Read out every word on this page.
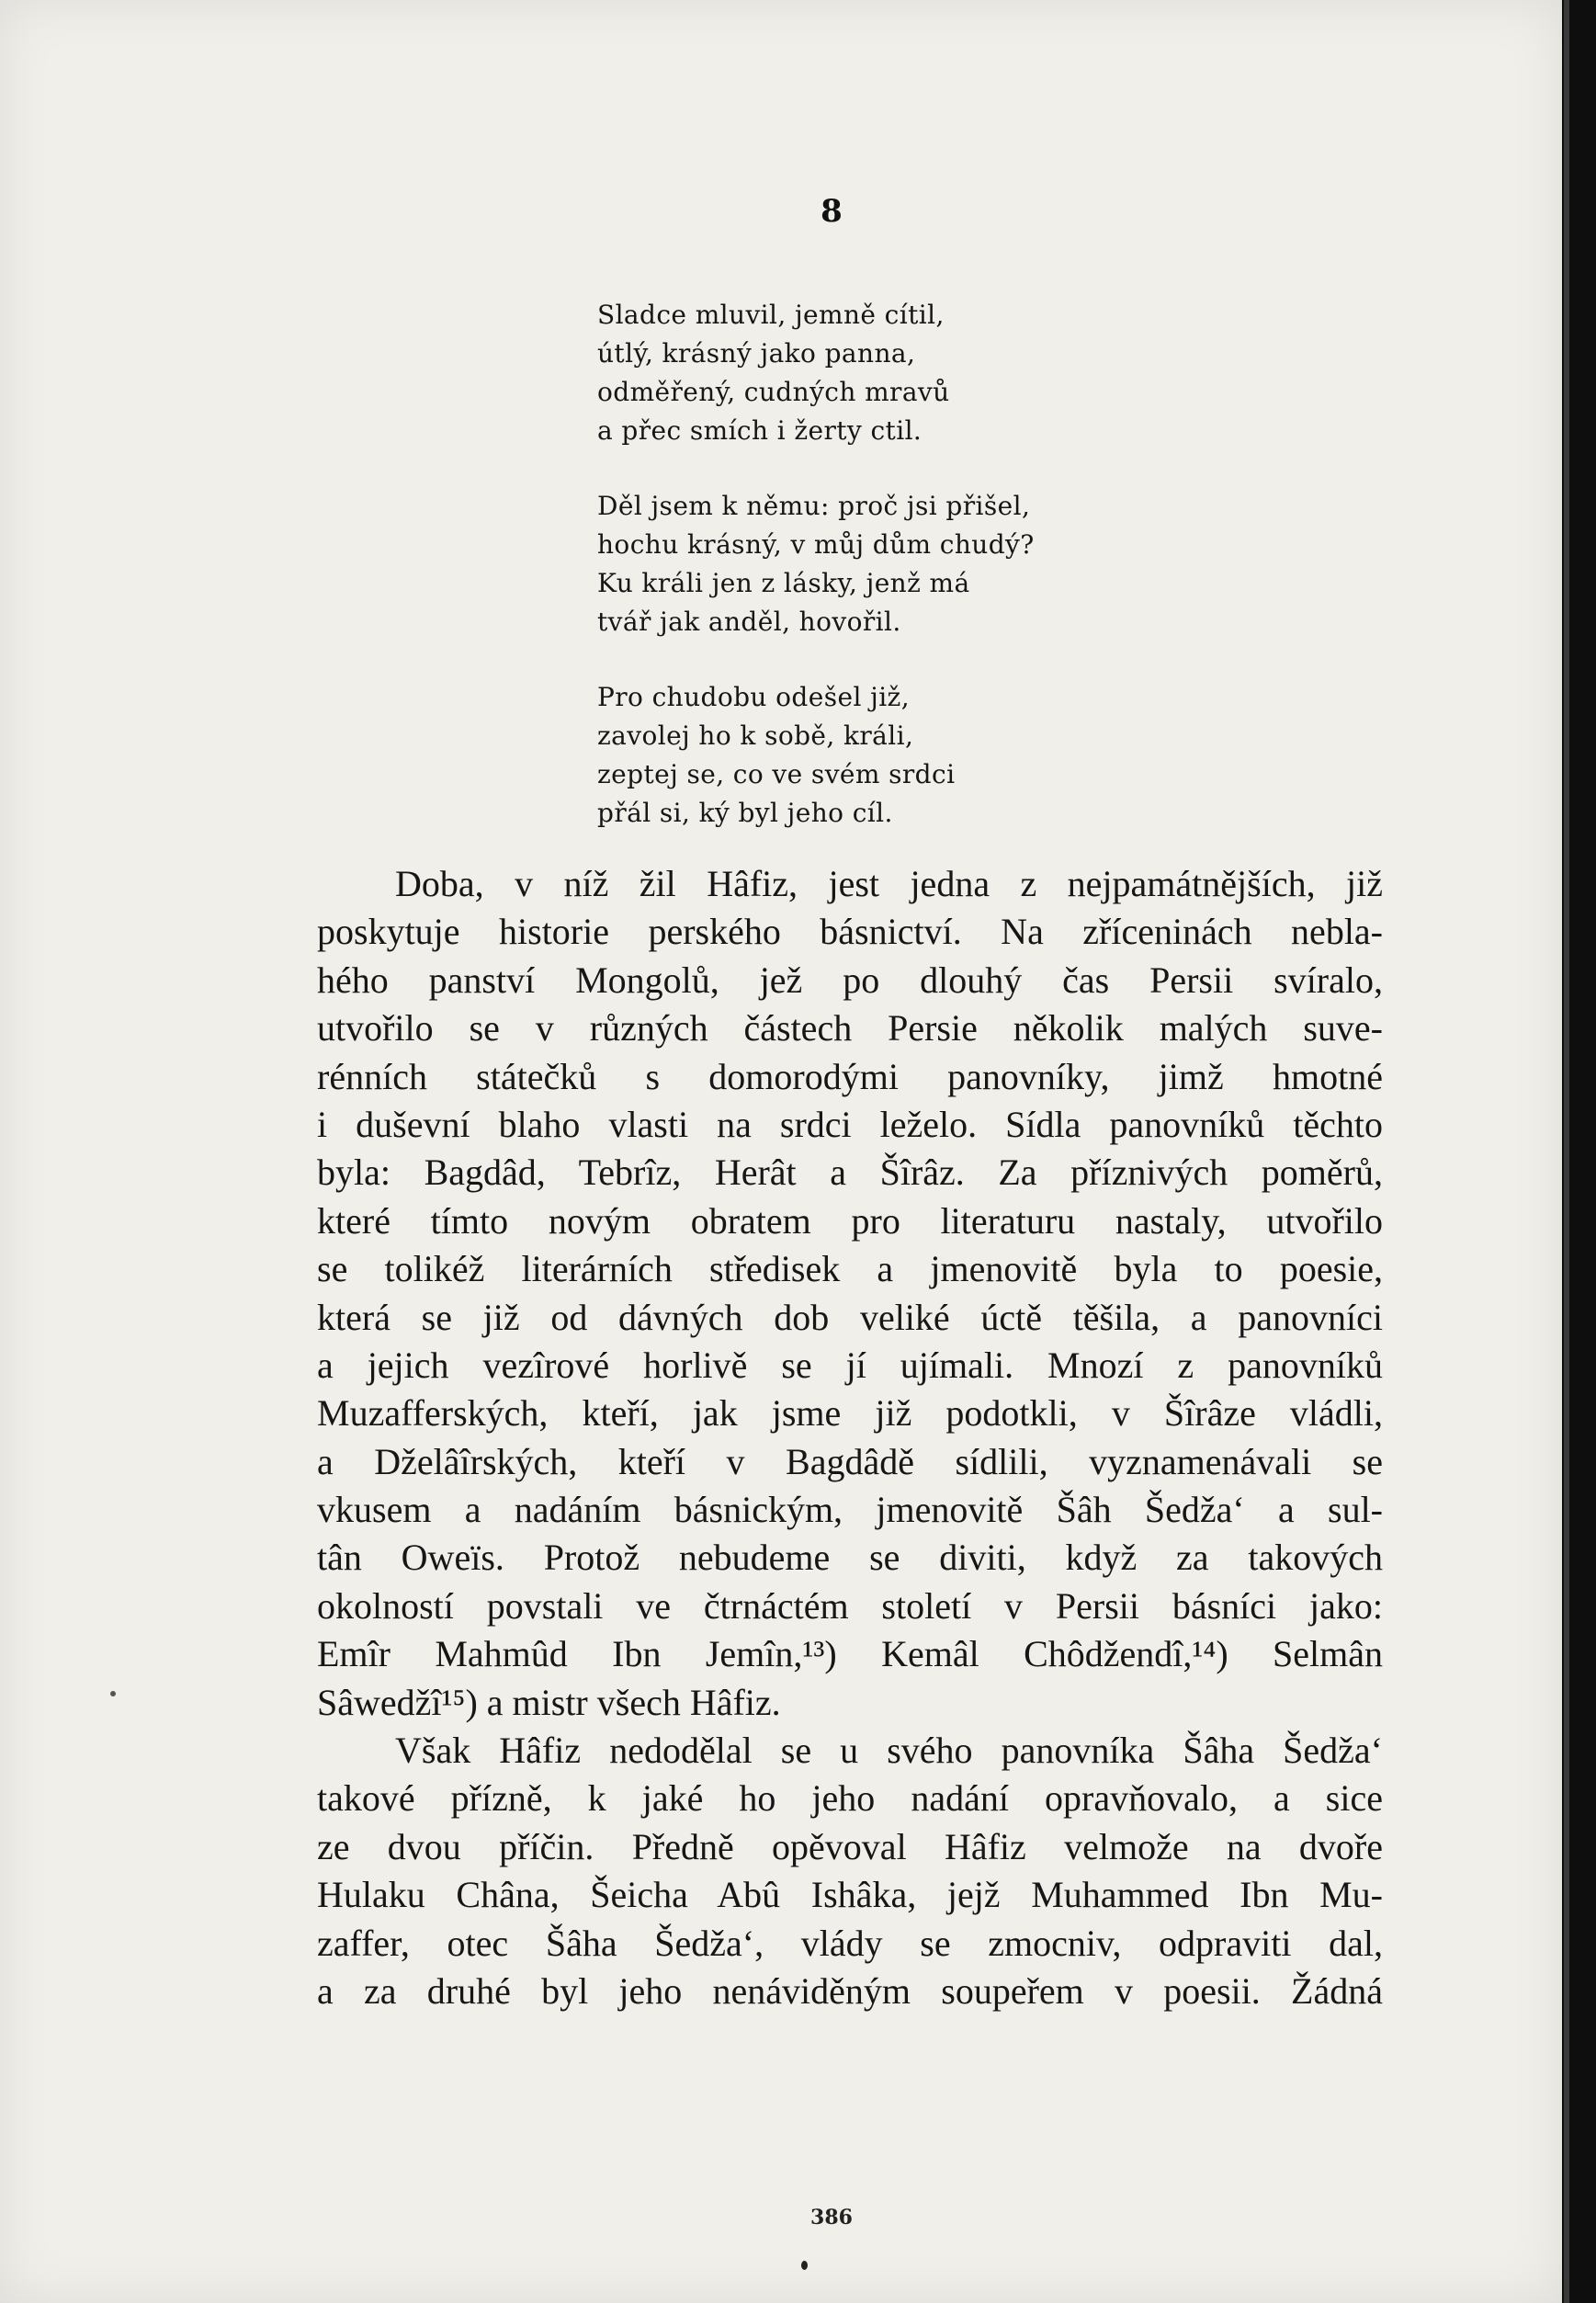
8

Sladce mluvil, jemně cítil,
útlý, krásný jako panna,
odměřený, cudných mravů
a přec smích i žerty ctil.
Děl jsem k němu: proč jsi přišel,
hochu krásný, v můj dům chudý?
Ku králi jen z lásky, jenž má
tvář jak anděl, hovořil.
Pro chudobu odešel již,
zavolej ho k sobě, králi,
zeptej se, co ve svém srdci
přál si, ký byl jeho cíl.
Doba, v níž žil Hâfiz, jest jedna z nejpamátnějších, již
poskytuje historie perského básnictví. Na zříceninách nebla-
hého panství Mongolů, jež po dlouhý čas Persii svíralo,
utvořilo se v různých částech Persie několik malých suve-
rénních státečků s domorodými panovníky, jimž hmotné
i duševní blaho vlasti na srdci leželo. Sídla panovníků těchto
byla: Bagdâd, Tebrîz, Herât a Šîrâz. Za příznivých poměrů,
které tímto novým obratem pro literaturu nastaly, utvořilo
se tolikéž literárních středisek a jmenovitě byla to poesie,
která se již od dávných dob veliké úctě těšila, a panovníci
a jejich vezîrové horlivě se jí ujímali. Mnozí z panovníků
Muzafferských, kteří, jak jsme již podotkli, v Šîrâze vládli,
a Dželâîrských, kteří v Bagdâdě sídlili, vyznamenávali se
vkusem a nadáním básnickým, jmenovitě Šâh Šedža‘ a sul-
tân Oweïs. Protož nebudeme se diviti, když za takových
okolností povstali ve čtrnáctém století v Persii básníci jako:
Emîr Mahmûd Ibn Jemîn,¹³) Kemâl Chôdžendî,¹⁴) Selmân
Sâwedžî¹⁵) a mistr všech Hâfiz.
Však Hâfiz nedodělal se u svého panovníka Šâha Šedža‘
takové přízně, k jaké ho jeho nadání opravňovalo, a sice
ze dvou příčin. Předně opěvoval Hâfiz velmože na dvoře
Hulaku Châna, Šeicha Abû Ishâka, jejž Muhammed Ibn Mu-
zaffer, otec Šâha Šedža‘, vlády se zmocniv, odpraviti dal,
a za druhé byl jeho nenáviděným soupeřem v poesii. Žádná

386
